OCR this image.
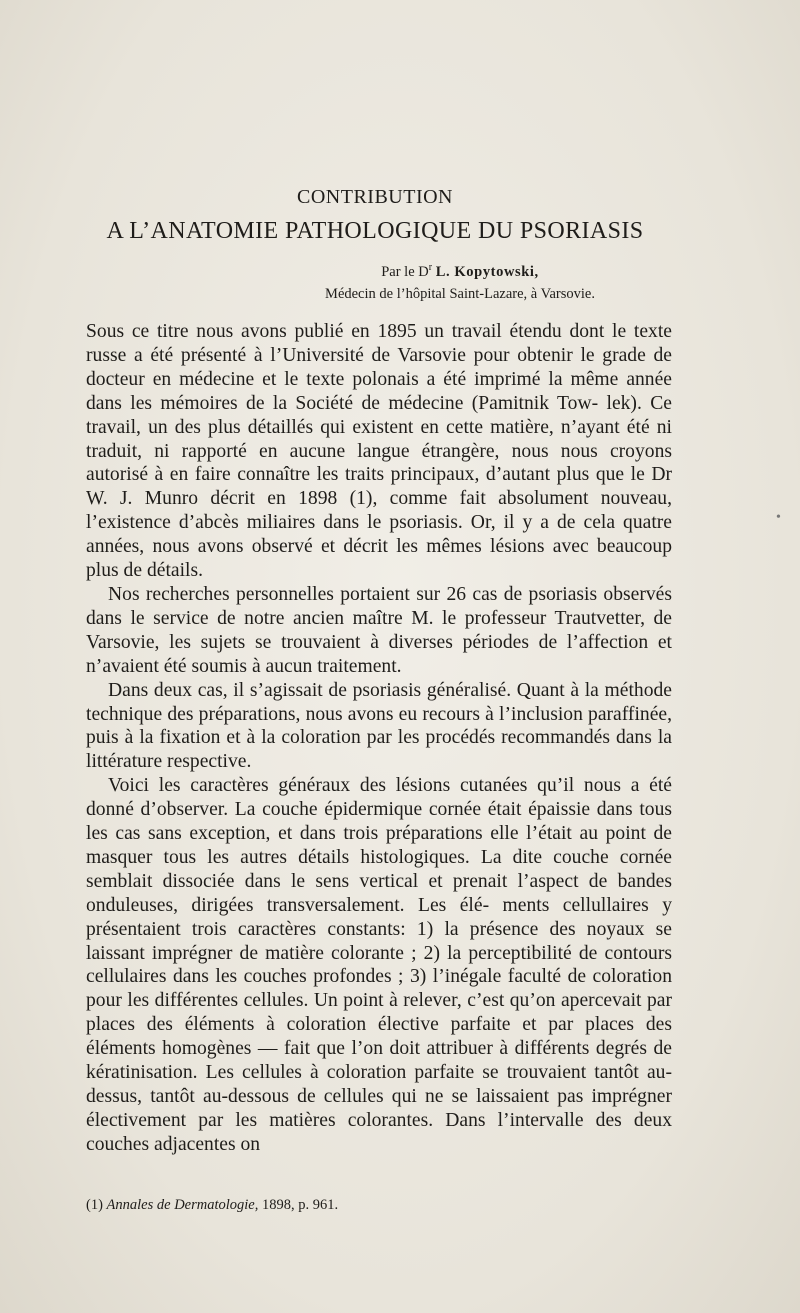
CONTRIBUTION
A L’ANATOMIE PATHOLOGIQUE DU PSORIASIS
Par le $D^r$ L. Kopytowski,
Médecin de l’hôpital Saint-Lazare, à Varsovie.

Sous ce titre nous avons publié en 1895 un travail étendu dont le texte russe a été présenté à l’Université de Varsovie pour obtenir le grade de docteur en médecine et le texte polonais a été imprimé la même année dans les mémoires de la Société de médecine (Pamitnik Tow- lek). Ce travail, un des plus détaillés qui existent en cette matière, n’ayant été ni traduit, ni rapporté en aucune langue étrangère, nous nous croyons autorisé à en faire connaître les traits principaux, d’autant plus que le Dr W. J. Munro décrit en 1898 (1), comme fait absolument nouveau, l’existence d’abcès miliaires dans le psoriasis. Or, il y a de cela quatre années, nous avons observé et décrit les mêmes lésions avec beaucoup plus de détails.

Nos recherches personnelles portaient sur 26 cas de psoriasis observés dans le service de notre ancien maître M. le professeur Trautvetter, de Varsovie, les sujets se trouvaient à diverses périodes de l’affection et n’avaient été soumis à aucun traitement.

Dans deux cas, il s’agissait de psoriasis généralisé. Quant à la méthode technique des préparations, nous avons eu recours à l’inclusion paraffinée, puis à la fixation et à la coloration par les procédés recommandés dans la littérature respective.

Voici les caractères généraux des lésions cutanées qu’il nous a été donné d’observer. La couche épidermique cornée était épaissie dans tous les cas sans exception, et dans trois préparations elle l’était au point de masquer tous les autres détails histologiques. La dite couche cornée semblait dissociée dans le sens vertical et prenait l’aspect de bandes onduleuses, dirigées transversalement. Les élé- ments cellullaires y présentaient trois caractères constants: 1) la présence des noyaux se laissant imprégner de matière colorante ; 2) la perceptibilité de contours cellulaires dans les couches profondes ; 3) l’inégale faculté de coloration pour les différentes cellules. Un point à relever, c’est qu’on apercevait par places des éléments à coloration élective parfaite et par places des éléments homogènes — fait que l’on doit attribuer à différents degrés de kératinisation. Les cellules à coloration parfaite se trouvaient tantôt au-dessus, tantôt au-dessous de cellules qui ne se laissaient pas imprégner électivement par les matières colorantes. Dans l’intervalle des deux couches adjacentes on

(1) Annales de Dermatologie, 1898, p. 961.
•
